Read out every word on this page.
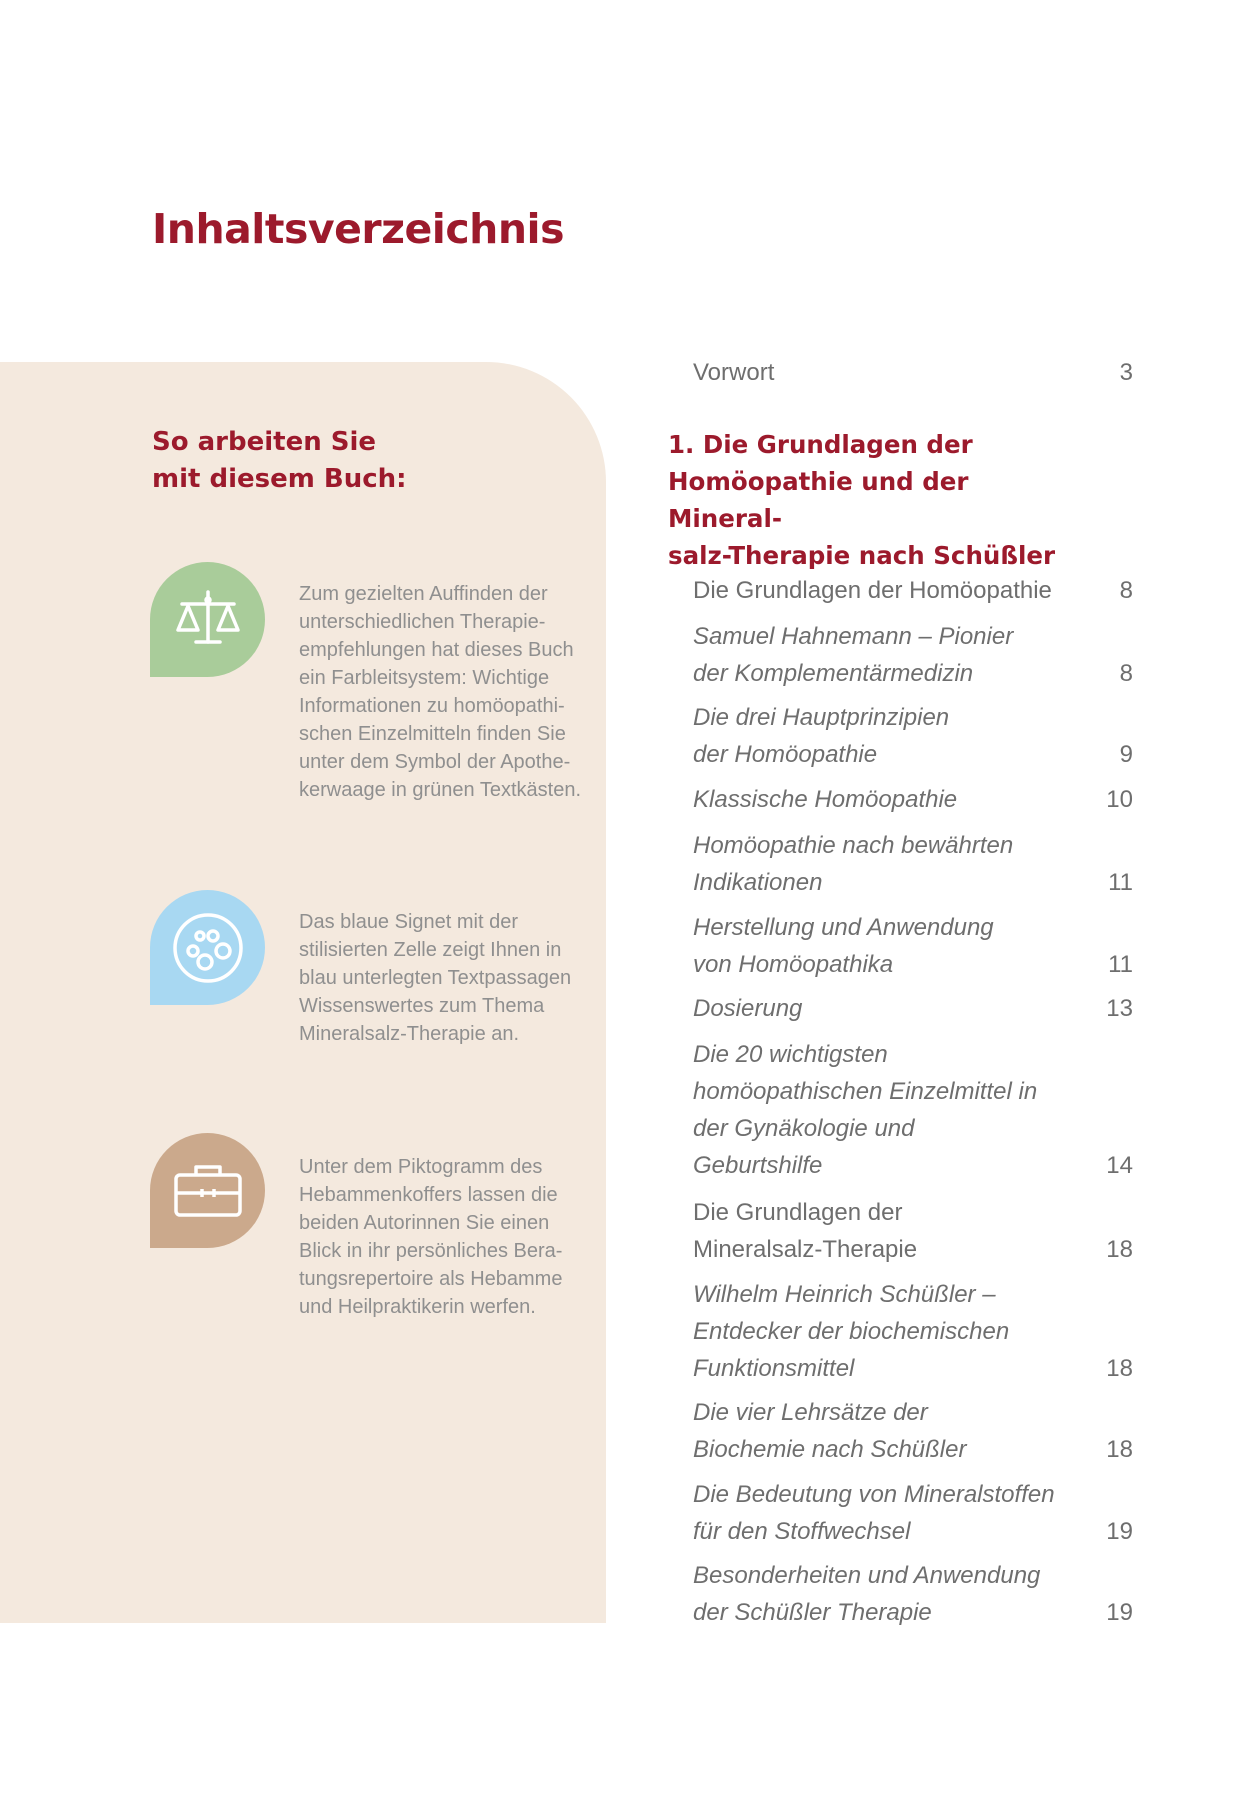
Inhaltsverzeichnis
So arbeiten Sie
mit diesem Buch:

Zum gezielten Auffinden der unterschiedlichen Therapie-empfehlungen hat dieses Buch ein Farbleitsystem: Wichtige Informationen zu homöopathi-schen Einzelmitteln finden Sie unter dem Symbol der Apothe-kerwaage in grünen Textkästen.

Das blaue Signet mit der stilisierten Zelle zeigt Ihnen in blau unterlegten Textpassagen Wissenswertes zum Thema Mineralsalz-Therapie an.

Unter dem Piktogramm des Hebammenkoffers lassen die beiden Autorinnen Sie einen Blick in ihr persönliches Bera-tungsrepertoire als Hebamme und Heilpraktikerin werfen.

Vorwort	3
1. Die Grundlagen der
Homöopathie und der Mineral-
salz-Therapie nach Schüßler
Die Grundlagen der Homöopathie	8
Samuel Hahnemann – Pionier der Komplementärmedizin	8
Die drei Hauptprinzipien der Homöopathie	9
Klassische Homöopathie	10
Homöopathie nach bewährten Indikationen	11
Herstellung und Anwendung von Homöopathika	11
Dosierung	13
Die 20 wichtigsten homöopathischen Einzelmittel in der Gynäkologie und Geburtshilfe	14
Die Grundlagen der Mineralsalz-Therapie	18
Wilhelm Heinrich Schüßler – Entdecker der biochemischen Funktionsmittel	18
Die vier Lehrsätze der Biochemie nach Schüßler	18
Die Bedeutung von Mineralstoffen für den Stoffwechsel	19
Besonderheiten und Anwendung der Schüßler Therapie	19
